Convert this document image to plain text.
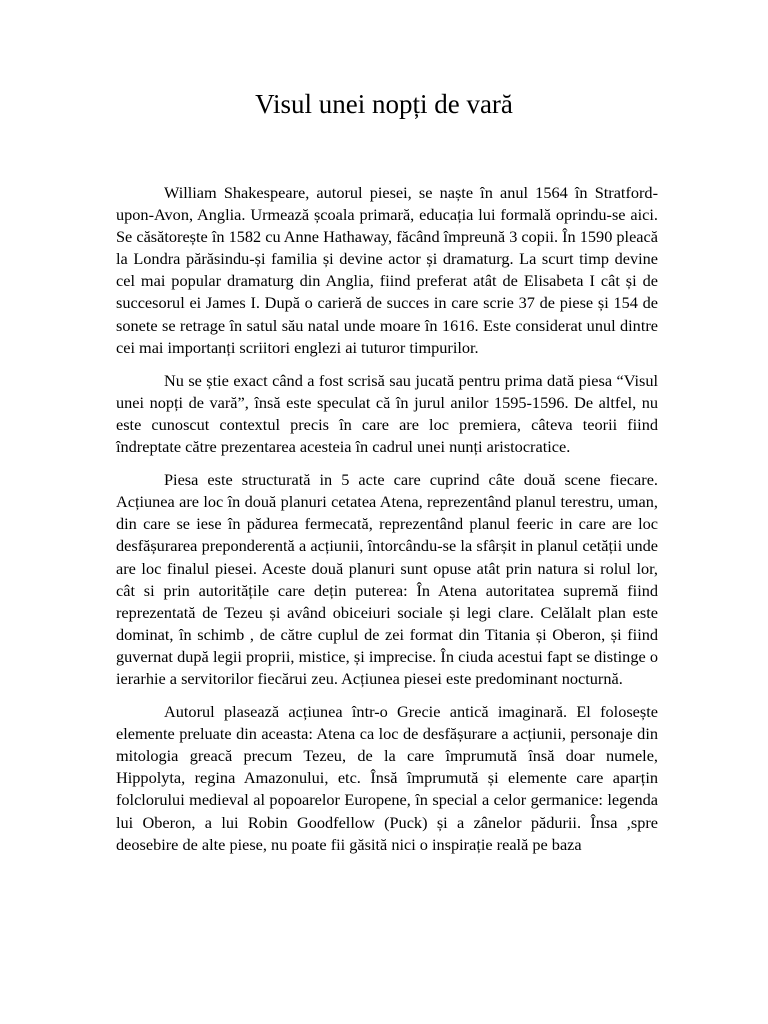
Visul unei nopți de vară

William Shakespeare, autorul piesei, se naște în anul 1564 în Stratford-upon-Avon, Anglia. Urmează școala primară, educația lui formală oprindu-se aici. Se căsătorește în 1582 cu Anne Hathaway, făcând împreună 3 copii. În 1590 pleacă la Londra părăsindu-și familia și devine actor și dramaturg. La scurt timp devine cel mai popular dramaturg din Anglia, fiind preferat atât de Elisabeta I cât și de succesorul ei James I. După o carieră de succes in care scrie 37 de piese și 154 de sonete se retrage în satul său natal unde moare în 1616. Este considerat unul dintre cei mai importanți scriitori englezi ai tuturor timpurilor.

Nu se știe exact când a fost scrisă sau jucată pentru prima dată piesa “Visul unei nopți de vară”, însă este speculat că în jurul anilor 1595-1596. De altfel, nu este cunoscut contextul precis în care are loc premiera, câteva teorii fiind îndreptate către prezentarea acesteia în cadrul unei nunți aristocratice.

Piesa este structurată in 5 acte care cuprind câte două scene fiecare. Acțiunea are loc în două planuri cetatea Atena, reprezentând planul terestru, uman, din care se iese în pădurea fermecată, reprezentând planul feeric in care are loc desfășurarea preponderentă a acțiunii, întorcându-se la sfârșit in planul cetății unde are loc finalul piesei. Aceste două planuri sunt opuse atât prin natura si rolul lor, cât si prin autoritățile care dețin puterea: În Atena autoritatea supremă fiind reprezentată de Tezeu și având obiceiuri sociale și legi clare. Celălalt plan este dominat, în schimb , de către cuplul de zei format din Titania și Oberon, și fiind guvernat după legii proprii, mistice, și imprecise. În ciuda acestui fapt se distinge o ierarhie a servitorilor fiecărui zeu. Acțiunea piesei este predominant nocturnă.

Autorul plasează acțiunea într-o Grecie antică imaginară. El folosește elemente preluate din aceasta: Atena ca loc de desfășurare a acțiunii, personaje din mitologia greacă precum Tezeu, de la care împrumută însă doar numele, Hippolyta, regina Amazonului, etc. Însă împrumută și elemente care aparțin folclorului medieval al popoarelor Europene, în special a celor germanice: legenda lui Oberon, a lui Robin Goodfellow (Puck) și a zânelor pădurii. Însa ,spre deosebire de alte piese, nu poate fii găsită nici o inspirație reală pe baza
